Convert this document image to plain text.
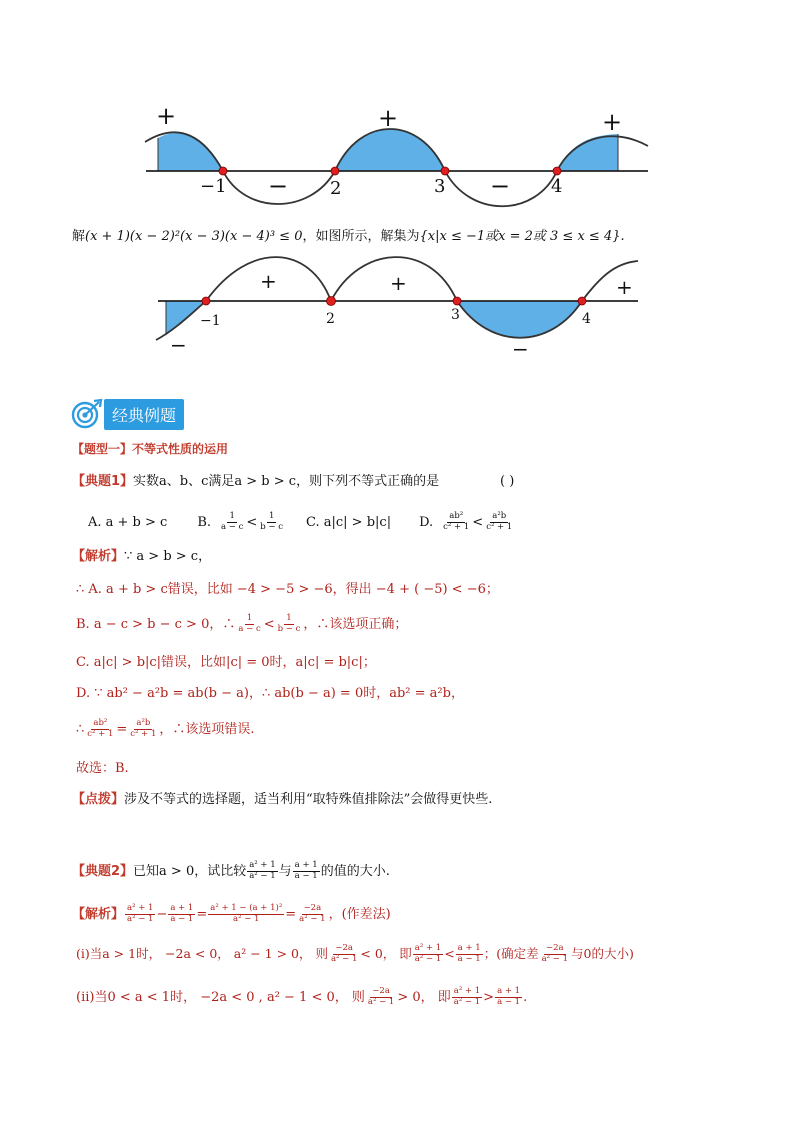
+
−
+
−
+
−1	2	3	4
解(x + 1)(x − 2)²(x − 3)(x − 4)³ ≤ 0，如图所示，解集为{x|x ≤ −1或x = 2或 3 ≤ x ≤ 4}.
−
+	+
−
+
−1	2	3	4
经典例题
【题型一】不等式性质的运用
【典题1】实数a、b、c满足a > b > c，则下列不等式正确的是	( )
A. a + b > c B. $\frac{1}{a - c} < \frac{1}{b - c} C$. a|c| > b|c| D. $\frac{\text{ab²}}{\text{c² + 1}} < \frac{\text{a²b}}{\text{c² + 1}}$
【解析】∵ a > b > c，
∴ A. a + b > c错误，比如 −4 > −5 > −6，得出 −4 + ( −5) < −6；
B. a − c > b − c > 0，∴ $\frac{1}{a - c} < \frac{1}{b - c}$ ，∴该选项正确；
C. a|c| > b|c|错误，比如|c| = 0时，a|c| = b|c|；
D. ∵ ab² − a²b = ab(b − a)，∴ ab(b − a) = 0时，ab² = a²b，
∴ $\frac{\text{ab²}}{\text{c² + 1}} = \frac{\text{a²b}}{\text{c² + 1}}$ ，∴该选项错误.
故选：B.
【点拨】涉及不等式的选择题，适当利用“取特殊值排除法”会做得更快些.
【典题2】 已知a > 0，试比较 $\frac{\text{a² + 1}}{\text{a² − 1}}$ 与 $\frac{a + 1}{a - 1}$ 的值的大小.
【解析】 $\frac{\text{a² + 1}}{\text{a² − 1}} - \frac{a + 1}{a - 1} = \frac{\text{a² + 1 − (a + 1)²}}{\text{a² − 1}} = \frac{-2a}{\text{a² − 1}}$ ，(作差法)
(i)当a > 1时， −2a < 0， a² − 1 > 0， 则 $\frac{-2a}{\text{a² − 1}} < 0$， 即 $\frac{\text{a² + 1}}{\text{a² − 1}} < \frac{a + 1}{a - 1}$ ；(确定差 $\frac{-2a}{\text{a² − 1}}$ 与0的大小)
(ii)当0 < a < 1时， −2a < 0 , a² − 1 < 0， 则 $\frac{-2a}{\text{a² − 1}} > 0$， 即 $\frac{\text{a² + 1}}{\text{a² − 1}} > \frac{a + 1}{a - 1}$ .
